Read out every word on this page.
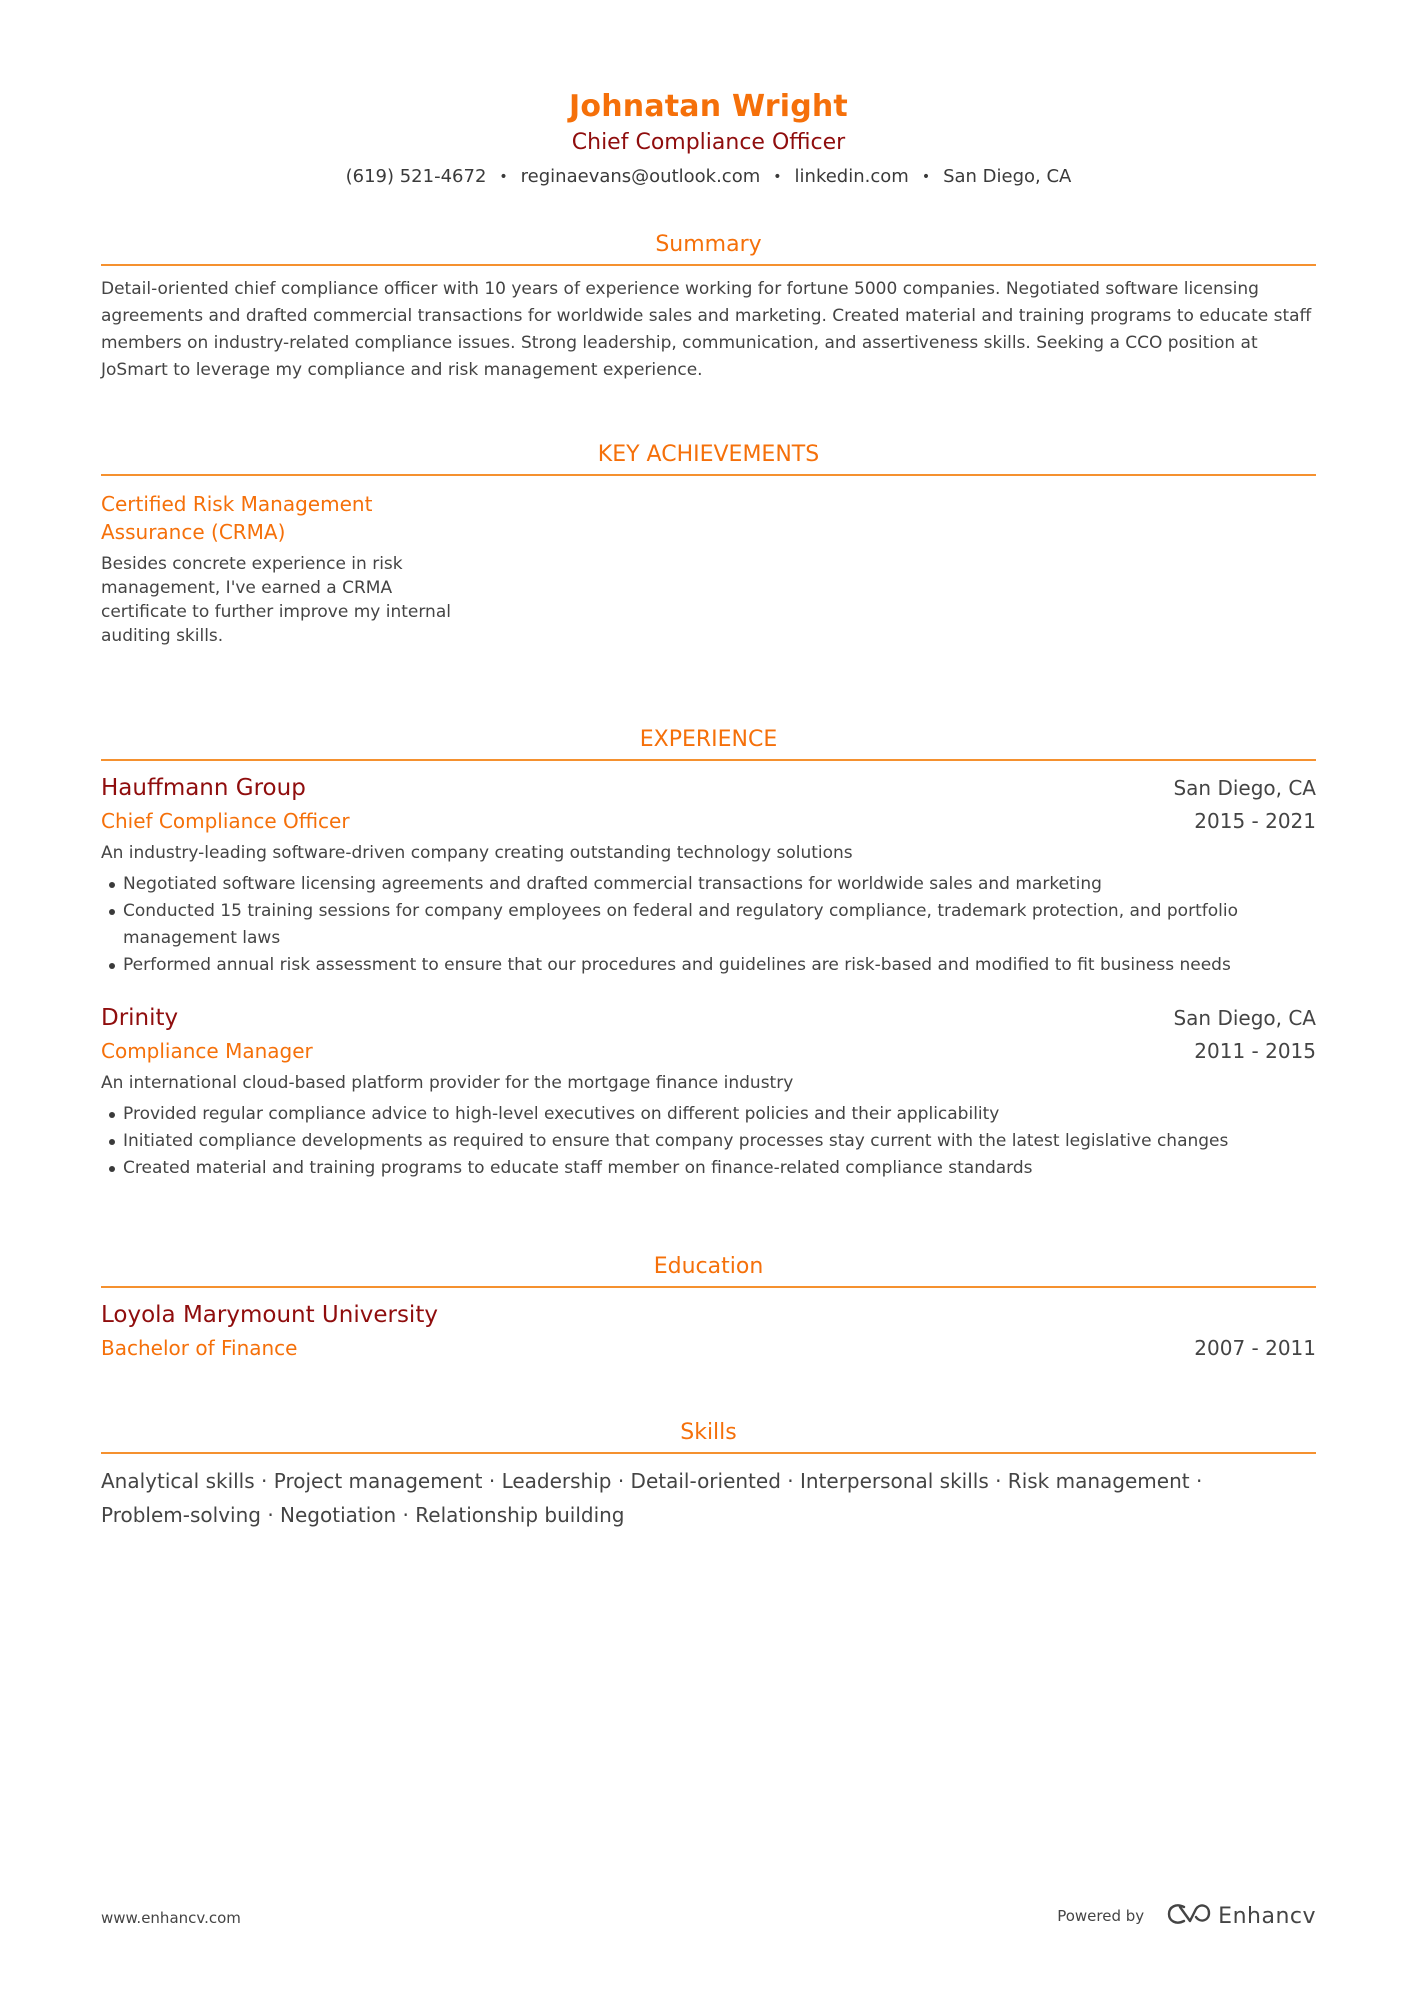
Johnatan Wright
Chief Compliance Officer
(619) 521-4672 • reginaevans@outlook.com • linkedin.com • San Diego, CA
Summary
Detail-oriented chief compliance officer with 10 years of experience working for fortune 5000 companies. Negotiated software licensing agreements and drafted commercial transactions for worldwide sales and marketing. Created material and training programs to educate staff members on industry-related compliance issues. Strong leadership, communication, and assertiveness skills. Seeking a CCO position at JoSmart to leverage my compliance and risk management experience.
KEY ACHIEVEMENTS
Certified Risk Management Assurance (CRMA)
Besides concrete experience in risk management, I've earned a CRMA certificate to further improve my internal auditing skills.
EXPERIENCE
Hauffmann Group	San Diego, CA
Chief Compliance Officer	2015 - 2021
An industry-leading software-driven company creating outstanding technology solutions
Negotiated software licensing agreements and drafted commercial transactions for worldwide sales and marketing
Conducted 15 training sessions for company employees on federal and regulatory compliance, trademark protection, and portfolio management laws
Performed annual risk assessment to ensure that our procedures and guidelines are risk-based and modified to fit business needs
Drinity	San Diego, CA
Compliance Manager	2011 - 2015
An international cloud-based platform provider for the mortgage finance industry
Provided regular compliance advice to high-level executives on different policies and their applicability
Initiated compliance developments as required to ensure that company processes stay current with the latest legislative changes
Created material and training programs to educate staff member on finance-related compliance standards
Education
Loyola Marymount University
Bachelor of Finance	2007 - 2011
Skills
Analytical skills · Project management · Leadership · Detail-oriented · Interpersonal skills · Risk management ·
Problem-solving · Negotiation · Relationship building
www.enhancv.com	Powered by	Enhancv
